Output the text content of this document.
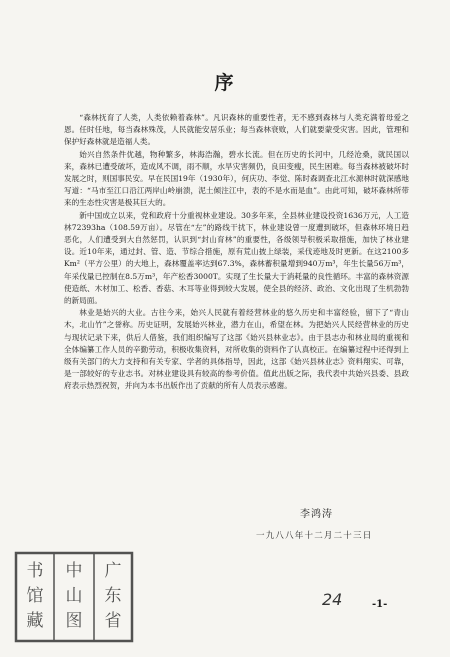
序

“森林抚育了人类，人类依赖着森林”。凡识森林的重要性者，无不感到森林与人类充满着母爱之恩。任时任地，每当森林殊茂，人民就能安居乐业；每当森林衰败，人们就要蒙受灾害。因此，管理和保护好森林就是造福人类。

始兴自然条件优越，物种繁多，林海浩瀚，碧水长流。但在历史的长河中，几经沧桑，就民国以来，森林已遭受破坏，造成风不调，雨不顺，水旱灾害频仍，良田变瘦，民生困难。每当森林被破坏时发展之时，则国事民安。早在民国19年（1930年），何庆功、李觉、陈时森调查北江水源林时就深感地写道：“马市至江口沿江两岸山岭崩溃，泥土倾注江中，表的不是水而是血”。由此可知，破坏森林所带来的生态性灾害是极其巨大的。

新中国成立以来，党和政府十分重视林业建设。30多年来，全县林业建设投资1636万元，人工造林72393ha（108.59万亩）。尽管在“左”的路线干扰下，林业建设曾一度遭到破坏，但森林环境日趋恶化，人们遭受到大自然惩罚，认识到“封山育林”的重要性，各级领导积极采取措施，加快了林业建设。近10年来，通过封、管、造、节综合措施，原有荒山披上绿装，采伐迹地及时更新。在这2100多Km²（平方公里）的大地上，森林覆盖率达到67.3%，森林蓄积量增到940万m³，年生长量56万m³，年采伐量已控制在8.5万m³，年产松香3000T。实现了生长量大于消耗量的良性循环。丰富的森林资源使造纸、木材加工、松香、香菇、木耳等业得到较大发展，使全县的经济、政治、文化出现了生机勃勃的新局面。

林业是始兴的大业。古往今来，始兴人民就有着经营林业的悠久历史和丰富经验，留下了“青山木，北山竹”之誉称。历史证明，发展始兴林业，潜力在山，希望在林。为把始兴人民经营林业的历史与现状记录下来，供后人借鉴，我们组织编写了这部《始兴县林业志》。由于县志办和林业局的重视和全体编纂工作人员的辛勤劳动，积极收集资料，对所收集的资料作了认真校正。在编纂过程中还得到上级有关部门的大力支持和有关专家、学者的具体指导，因此，这部《始兴县林业志》资料翔实、可靠，是一部较好的专业志书。对林业建设具有较高的参考价值。值此出版之际，我代表中共始兴县委、县政府表示热烈祝贺，并向为本书出版作出了贡献的所有人员表示感谢。

李鸿涛
一九八八年十二月二十三日
广
东
省
中
山
图
书
馆
藏
24	-1-
